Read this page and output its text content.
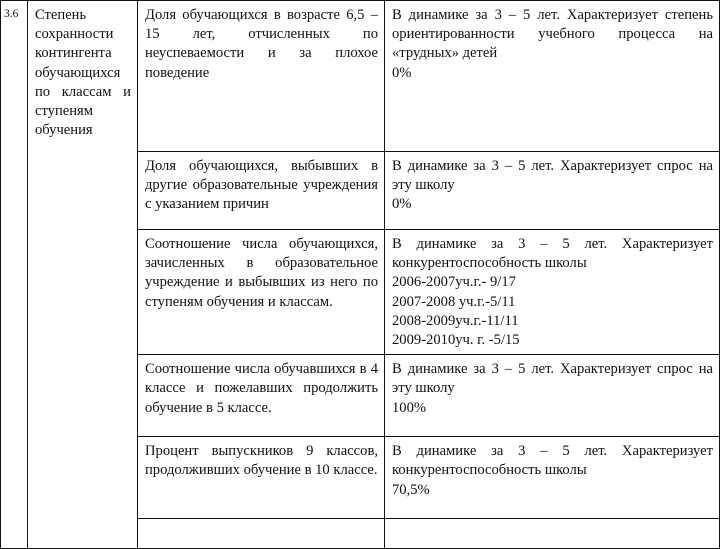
3.6	Степень сохранности контингента обучающихся по классам и ступеням обучения	Доля обучающихся в возрасте 6,5 – 15 лет, отчисленных по неуспеваемости и за плохое поведение	В динамике за 3 – 5 лет. Характеризует степень ориентированности учебного процесса на «трудных» детей
0%

		Доля обучающихся, выбывших в другие образовательные учреждения с указанием причин	В динамике за 3 – 5 лет. Характеризует спрос на эту школу
0%

		Соотношение числа обучающихся, зачисленных в образовательное учреждение и выбывших из него по ступеням обучения и классам.	В динамике за 3 – 5 лет. Характеризует конкурентоспособность школы
2006-2007уч.г.- 9/17
2007-2008 уч.г.-5/11
2008-2009уч.г.-11/11
2009-2010уч. г. -5/15

		Соотношение числа обучавшихся в 4 классе и пожелавших продолжить обучение в 5 классе.	В динамике за 3 – 5 лет. Характеризует спрос на эту школу
100%

		Процент выпускников 9 классов, продолживших обучение в 10 классе.	В динамике за 3 – 5 лет. Характеризует конкурентоспособность школы
70,5%
